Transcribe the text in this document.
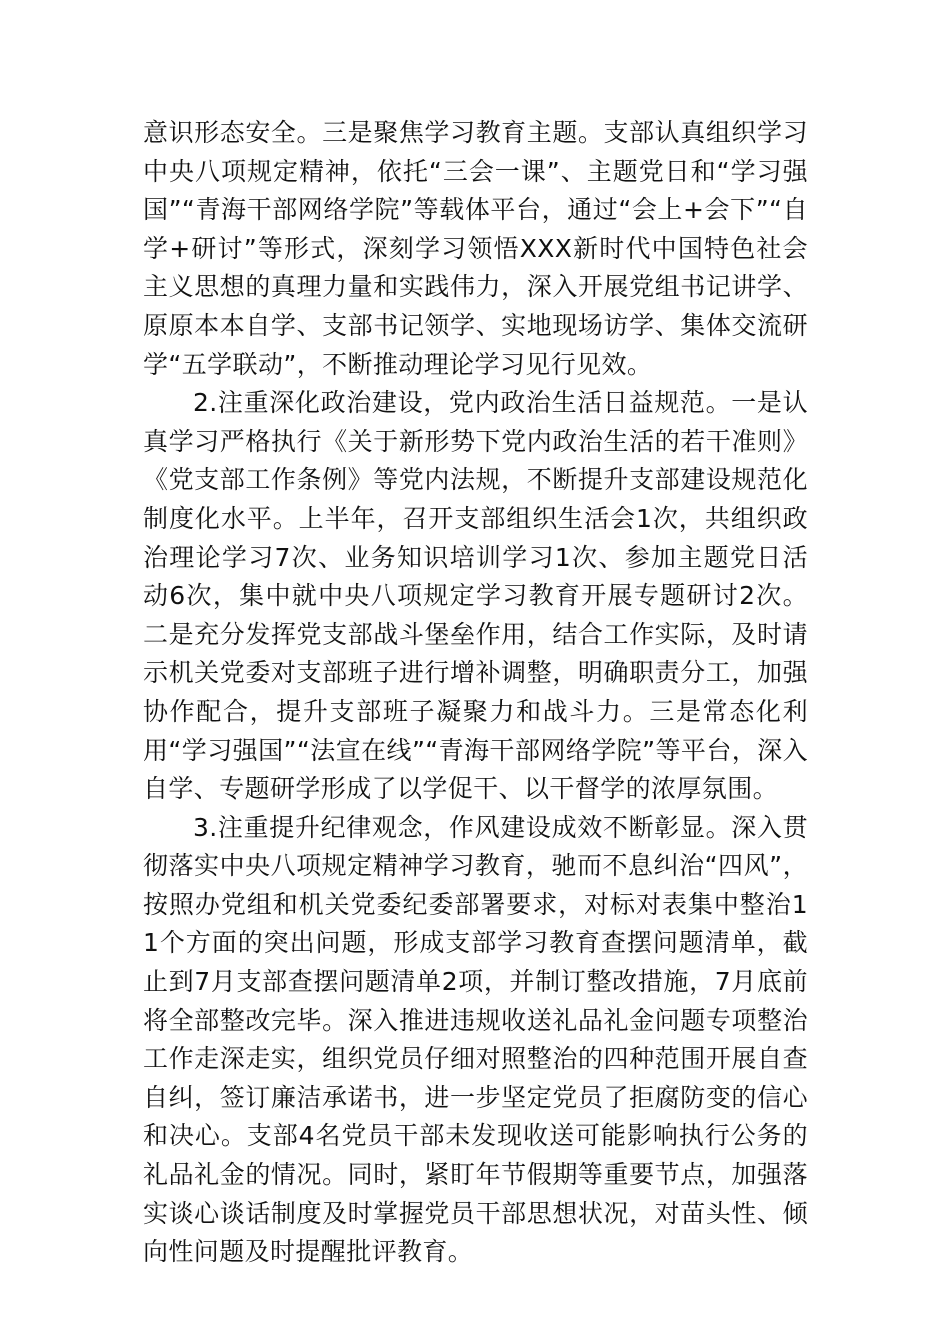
意识形态安全。三是聚焦学习教育主题。支部认真组织学习中央八项规定精神，依托“三会一课”、主题党日和“学习强国”“青海干部网络学院”等载体平台，通过“会上+会下”“自学+研讨”等形式，深刻学习领悟XXX新时代中国特色社会主义思想的真理力量和实践伟力，深入开展党组书记讲学、原原本本自学、支部书记领学、实地现场访学、集体交流研学“五学联动”，不断推动理论学习见行见效。

2.注重深化政治建设，党内政治生活日益规范。一是认真学习严格执行《关于新形势下党内政治生活的若干准则》《党支部工作条例》等党内法规，不断提升支部建设规范化制度化水平。上半年，召开支部组织生活会1次，共组织政治理论学习7次、业务知识培训学习1次、参加主题党日活动6次，集中就中央八项规定学习教育开展专题研讨2次。二是充分发挥党支部战斗堡垒作用，结合工作实际，及时请示机关党委对支部班子进行增补调整，明确职责分工，加强协作配合，提升支部班子凝聚力和战斗力。三是常态化利用“学习强国”“法宣在线”“青海干部网络学院”等平台，深入自学、专题研学形成了以学促干、以干督学的浓厚氛围。

3.注重提升纪律观念，作风建设成效不断彰显。深入贯彻落实中央八项规定精神学习教育，驰而不息纠治“四风”，按照办党组和机关党委纪委部署要求，对标对表集中整治11个方面的突出问题，形成支部学习教育查摆问题清单，截止到7月支部查摆问题清单2项，并制订整改措施，7月底前将全部整改完毕。深入推进违规收送礼品礼金问题专项整治工作走深走实，组织党员仔细对照整治的四种范围开展自查自纠，签订廉洁承诺书，进一步坚定党员了拒腐防变的信心和决心。支部4名党员干部未发现收送可能影响执行公务的礼品礼金的情况。同时，紧盯年节假期等重要节点，加强落实谈心谈话制度及时掌握党员干部思想状况，对苗头性、倾向性问题及时提醒批评教育。
